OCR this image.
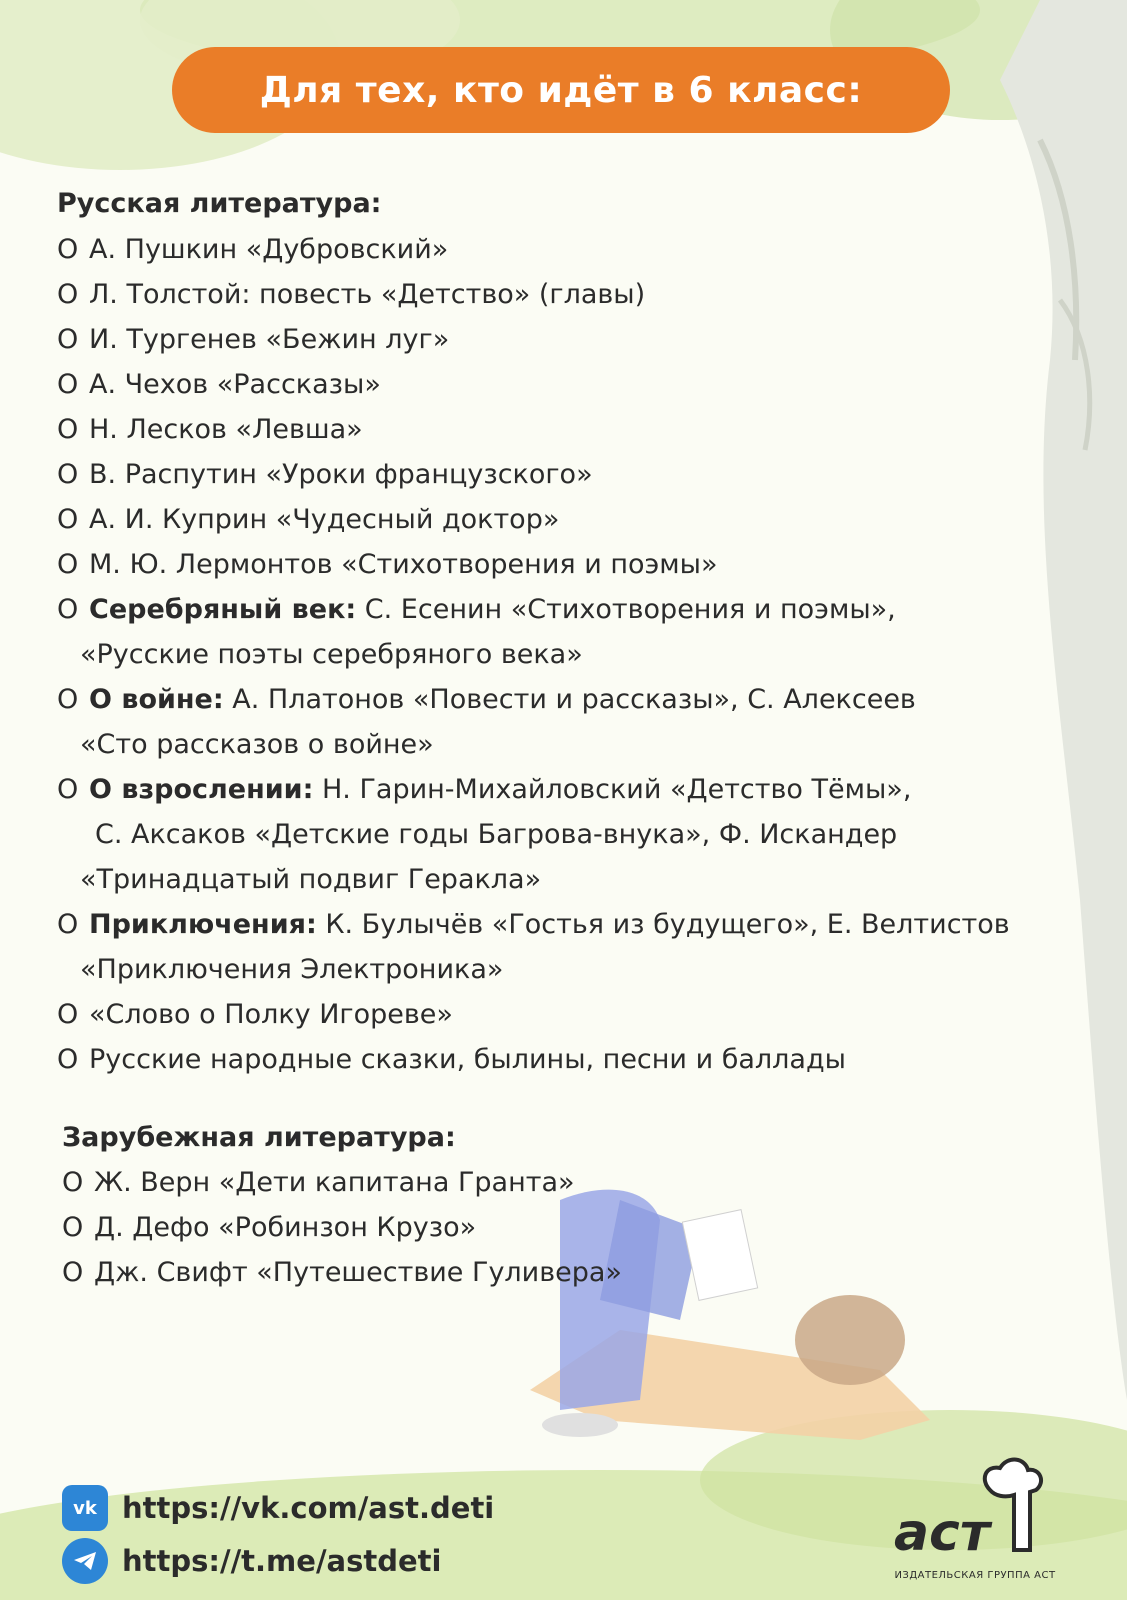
Для тех, кто идёт в 6 класс:
Русская литература:
O А. Пушкин «Дубровский»
O Л. Толстой: повесть «Детство» (главы)
O И. Тургенев «Бежин луг»
O А. Чехов «Рассказы»
O Н. Лесков «Левша»
O В. Распутин «Уроки французского»
O А. И. Куприн «Чудесный доктор»
O М. Ю. Лермонтов «Стихотворения и поэмы»
O Серебряный век: С. Есенин «Стихотворения и поэмы»,
«Русские поэты серебряного века»
O О войне: А. Платонов «Повести и рассказы», С. Алексеев
«Сто рассказов о войне»
O О взрослении: Н. Гарин-Михайловский «Детство Тёмы»,
С. Аксаков «Детские годы Багрова-внука», Ф. Искандер
«Тринадцатый подвиг Геракла»
O Приключения: К. Булычёв «Гостья из будущего», Е. Велтистов
«Приключения Электроника»
O «Слово о Полку Игореве»
O Русские народные сказки, былины, песни и баллады
Зарубежная литература:
O Ж. Верн «Дети капитана Гранта»
O Д. Дефо «Робинзон Крузо»
O Дж. Свифт «Путешествие Гуливера»
vk https://vk.com/ast.deti
https://t.me/astdeti	аст
ИЗДАТЕЛЬСКАЯ ГРУППА АСТ
